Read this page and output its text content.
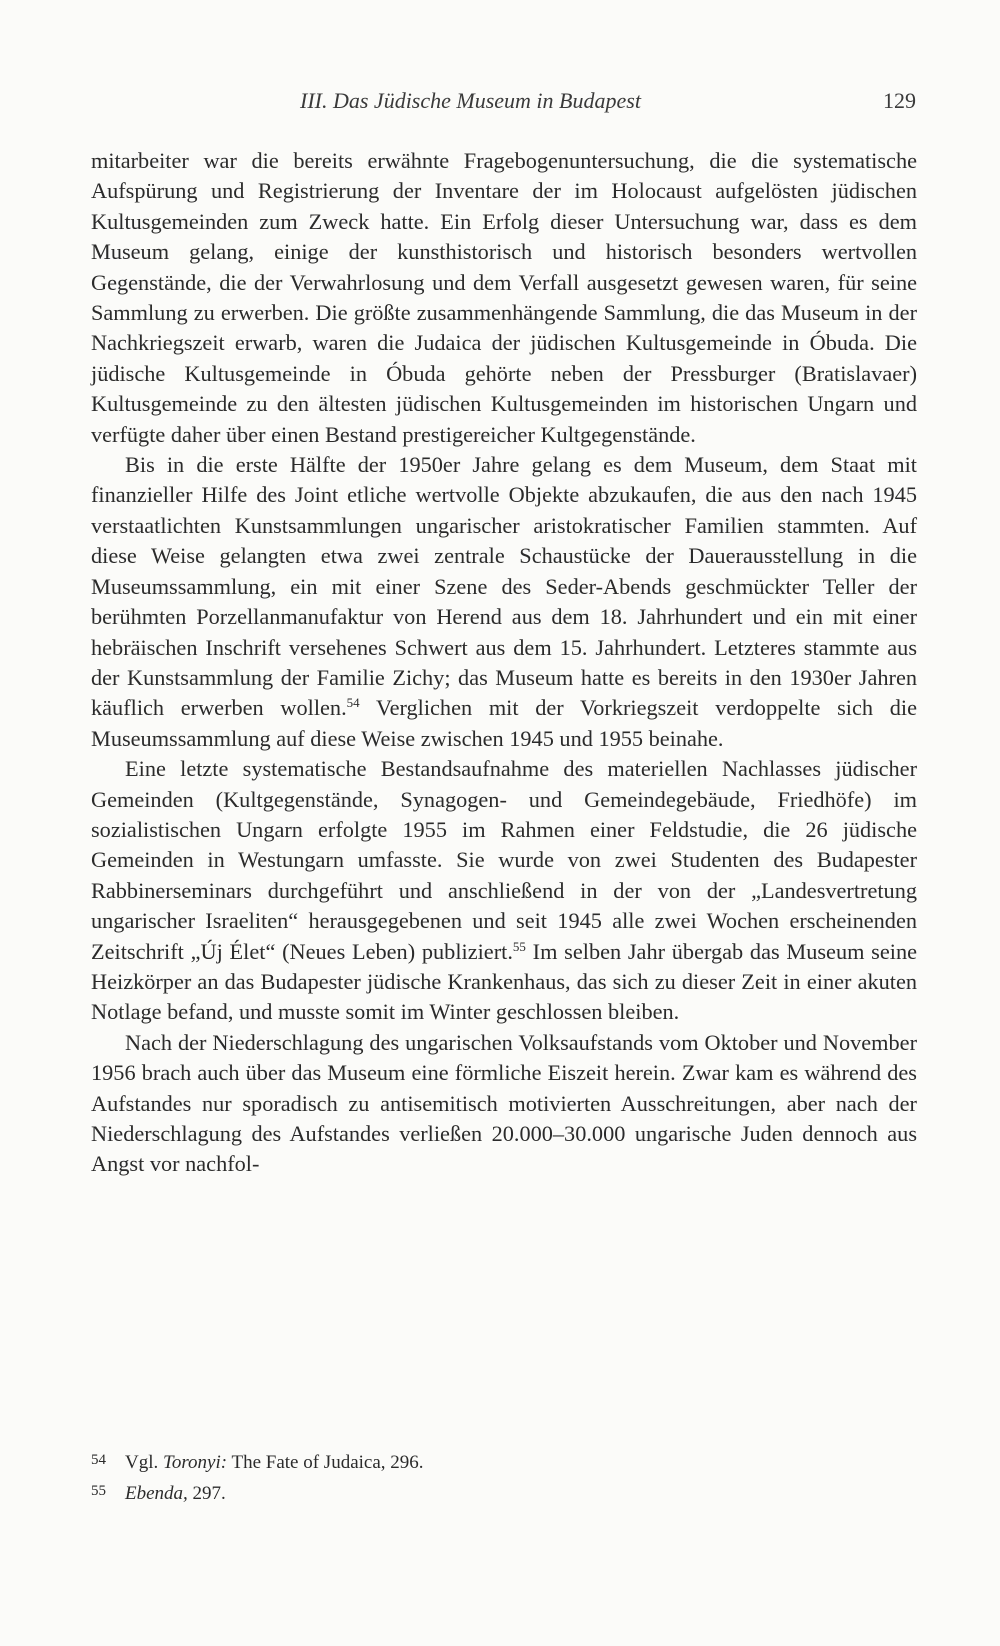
III. Das Jüdische Museum in Budapest	129

mitarbeiter war die bereits erwähnte Fragebogenuntersuchung, die die systematische Aufspürung und Registrierung der Inventare der im Holocaust aufgelösten jüdischen Kultusgemeinden zum Zweck hatte. Ein Erfolg dieser Untersuchung war, dass es dem Museum gelang, einige der kunsthistorisch und historisch besonders wertvollen Gegenstände, die der Verwahrlosung und dem Verfall ausgesetzt gewesen waren, für seine Sammlung zu erwerben. Die größte zusammenhängende Sammlung, die das Museum in der Nachkriegszeit erwarb, waren die Judaica der jüdischen Kultusgemeinde in Óbuda. Die jüdische Kultusgemeinde in Óbuda gehörte neben der Pressburger (Bratislavaer) Kultusgemeinde zu den ältesten jüdischen Kultusgemeinden im historischen Ungarn und verfügte daher über einen Bestand prestigereicher Kultgegenstände.

Bis in die erste Hälfte der 1950er Jahre gelang es dem Museum, dem Staat mit finanzieller Hilfe des Joint etliche wertvolle Objekte abzukaufen, die aus den nach 1945 verstaatlichten Kunstsammlungen ungarischer aristokratischer Familien stammten. Auf diese Weise gelangten etwa zwei zentrale Schaustücke der Dauerausstellung in die Museumssammlung, ein mit einer Szene des Seder-Abends geschmückter Teller der berühmten Porzellanmanufaktur von Herend aus dem 18. Jahrhundert und ein mit einer hebräischen Inschrift versehenes Schwert aus dem 15. Jahrhundert. Letzteres stammte aus der Kunstsammlung der Familie Zichy; das Museum hatte es bereits in den 1930er Jahren käuflich erwerben wollen.$^{54}$ Verglichen mit der Vorkriegszeit verdoppelte sich die Museumssammlung auf diese Weise zwischen 1945 und 1955 beinahe.

Eine letzte systematische Bestandsaufnahme des materiellen Nachlasses jüdischer Gemeinden (Kultgegenstände, Synagogen- und Gemeindegebäude, Friedhöfe) im sozialistischen Ungarn erfolgte 1955 im Rahmen einer Feldstudie, die 26 jüdische Gemeinden in Westungarn umfasste. Sie wurde von zwei Studenten des Budapester Rabbinerseminars durchgeführt und anschließend in der von der „Landesvertretung ungarischer Israeliten“ herausgegebenen und seit 1945 alle zwei Wochen erscheinenden Zeitschrift „Új Élet“ (Neues Leben) publiziert.$^{55}$ Im selben Jahr übergab das Museum seine Heizkörper an das Budapester jüdische Krankenhaus, das sich zu dieser Zeit in einer akuten Notlage befand, und musste somit im Winter geschlossen bleiben.

Nach der Niederschlagung des ungarischen Volksaufstands vom Oktober und November 1956 brach auch über das Museum eine förmliche Eiszeit herein. Zwar kam es während des Aufstandes nur sporadisch zu antisemitisch motivierten Ausschreitungen, aber nach der Niederschlagung des Aufstandes verließen 20.000–30.000 ungarische Juden dennoch aus Angst vor nachfol-

54 Vgl. Toronyi: The Fate of Judaica, 296.
55 Ebenda, 297.
